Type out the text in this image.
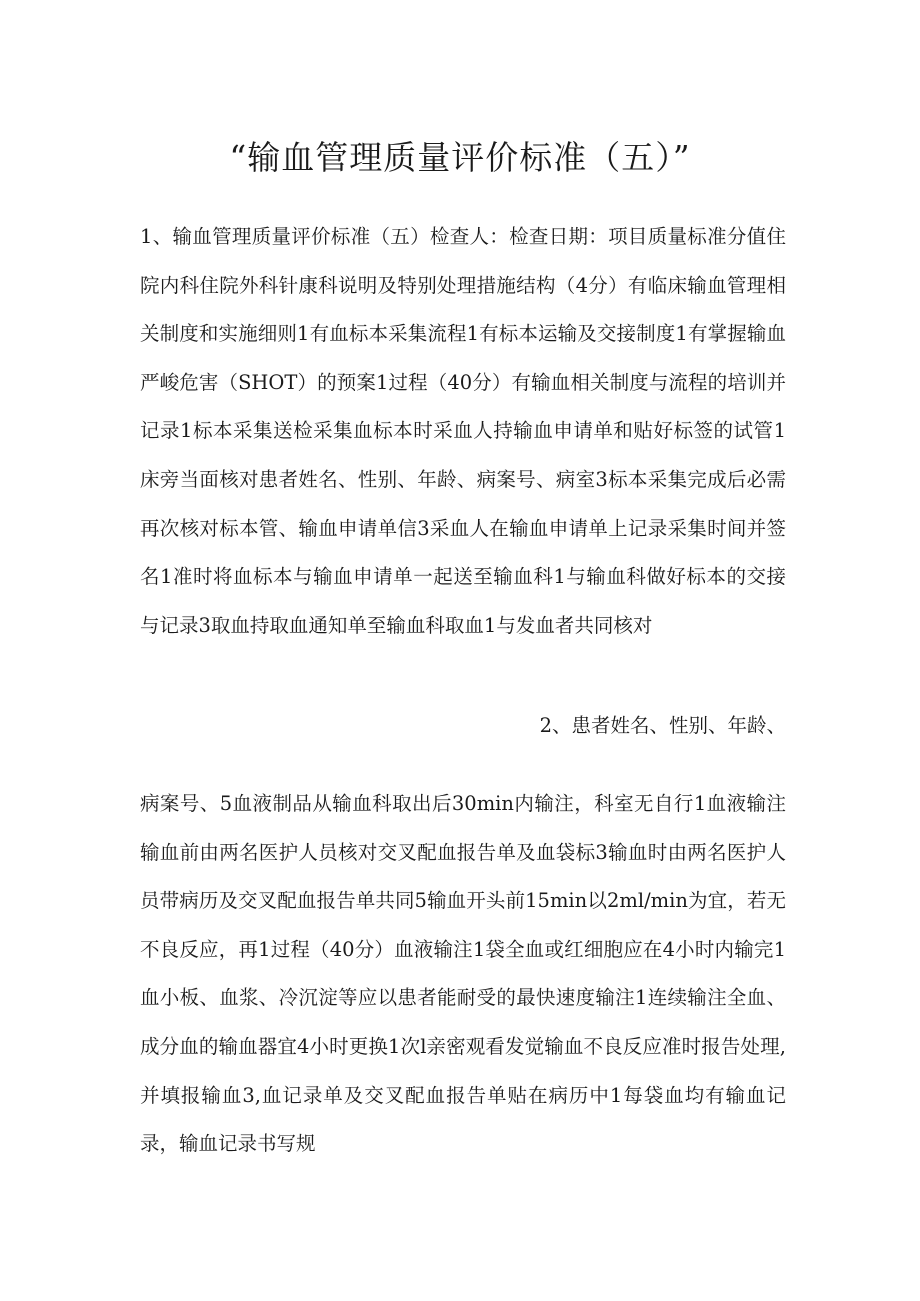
“输血管理质量评价标准（五）”
1、输血管理质量评价标准（五）检查人：检查日期：项目质量标准分值住院内科住院外科针康科说明及特别处理措施结构（4分）有临床输血管理相关制度和实施细则1有血标本采集流程1有标本运输及交接制度1有掌握输血严峻危害（SHOT）的预案1过程（40分）有输血相关制度与流程的培训并记录1标本采集送检采集血标本时采血人持输血申请单和贴好标签的试管1床旁当面核对患者姓名、性别、年龄、病案号、病室3标本采集完成后必需再次核对标本管、输血申请单信3采血人在输血申请单上记录采集时间并签名1准时将血标本与输血申请单一起送至输血科1与输血科做好标本的交接与记录3取血持取血通知单至输血科取血1与发血者共同核对
2、患者姓名、性别、年龄、
病案号、5血液制品从输血科取出后30min内输注，科室无自行1血液输注输血前由两名医护人员核对交叉配血报告单及血袋标3输血时由两名医护人员带病历及交叉配血报告单共同5输血开头前15min以2ml/min为宜，若无不良反应，再1过程（40分）血液输注1袋全血或红细胞应在4小时内输完1血小板、血浆、冷沉淀等应以患者能耐受的最快速度输注1连续输注全血、成分血的输血器宜4小时更换1次l亲密观看发觉输血不良反应准时报告处理,并填报输血3,血记录单及交叉配血报告单贴在病历中1每袋血均有输血记录，输血记录书写规
